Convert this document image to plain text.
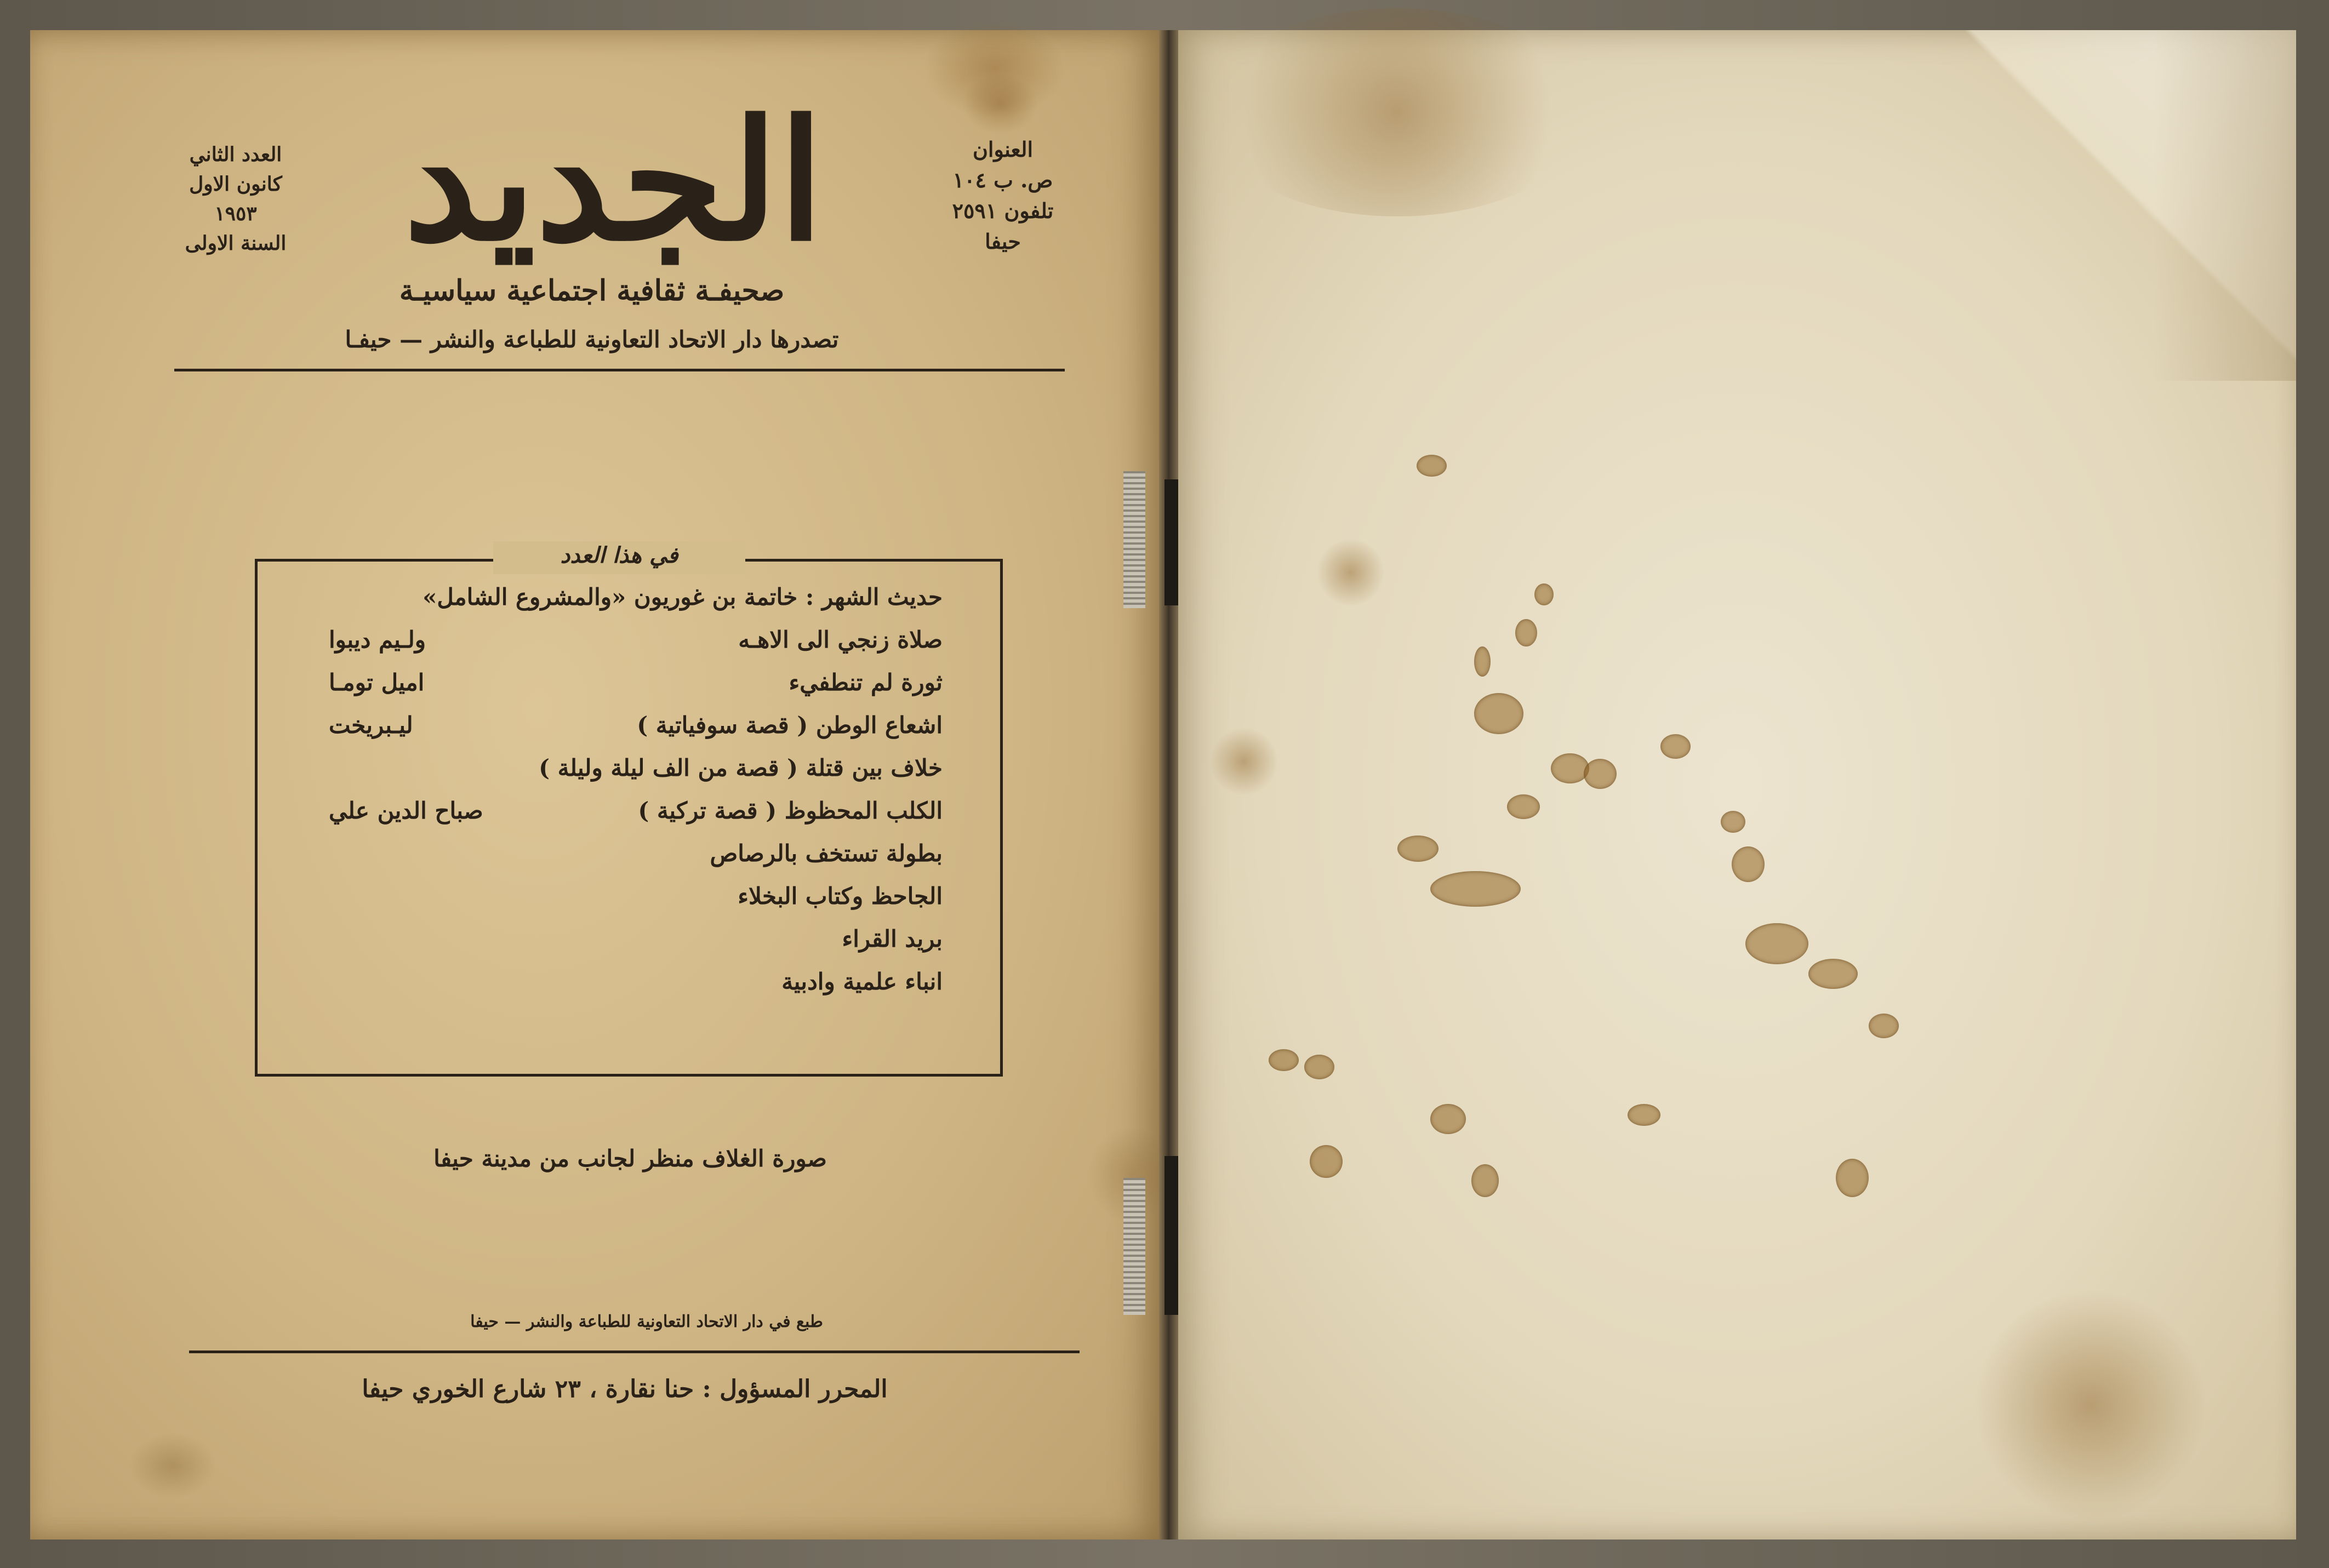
الجديد
العدد الثاني
كانون الاول
١٩٥٣
السنة الاولى
العنوان
ص. ب ١٠٤
تلفون ٢٥٩١
حيفا
صحيفـة ثقافية اجتماعية سياسيـة
تصدرها دار الاتحاد التعاونية للطباعة والنشر — حيفـا
في هذا العدد
حديث الشهر : خاتمة بن غوريون «والمشروع الشامل»
صلاة زنجي الى الاهـه
ولـيم ديبوا
ثورة لم تنطفيء
اميل تومـا
اشعاع الوطن ( قصة سوفياتية )
ليـبريخت
خلاف بين قتلة ( قصة من الف ليلة وليلة )
الكلب المحظوظ ( قصة تركية )
صباح الدين علي
بطولة تستخف بالرصاص
الجاحظ وكتاب البخلاء
بريد القراء
انباء علمية وادبية
صورة الغلاف منظر لجانب من مدينة حيفا
طبع في دار الاتحاد التعاونية للطباعة والنشر — حيفا
المحرر المسؤول : حنا نقارة ، ٢٣ شارع الخوري حيفا
